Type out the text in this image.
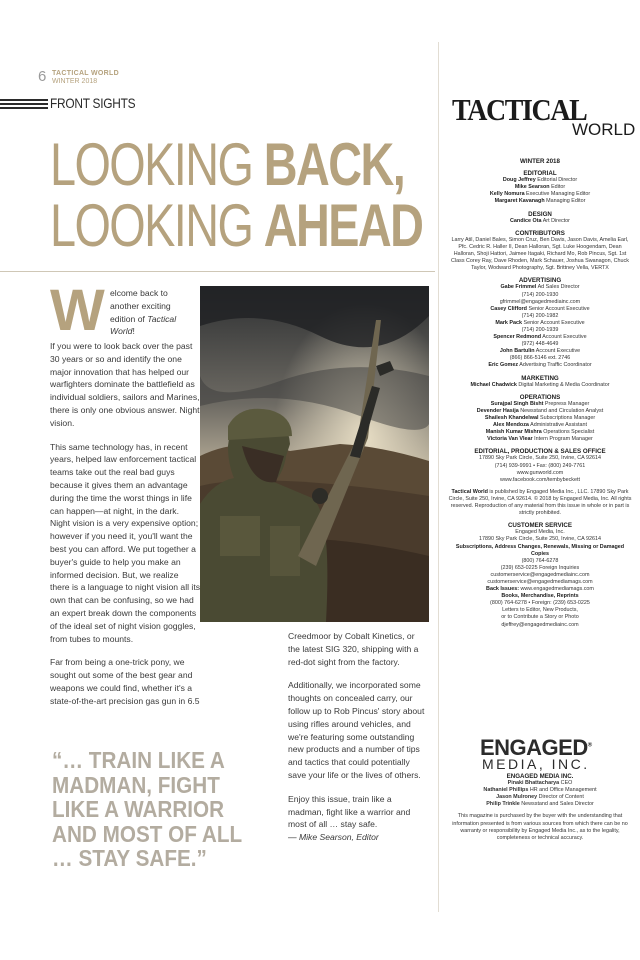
6 TACTICAL WORLD
WINTER 2018
FRONT SIGHTS
LOOKING BACK,
LOOKING AHEAD
W elcome back to another exciting edition of Tactical World!

If you were to look back over the past 30 years or so and identify the one major innovation that has helped our warfighters dominate the battlefield as individual soldiers, sailors and Marines, there is only one obvious answer. Night vision.

This same technology has, in recent years, helped law enforcement tactical teams take out the real bad guys because it gives them an advantage during the time the worst things in life can happen—at night, in the dark. Night vision is a very expensive option; however if you need it, you'll want the best you can afford. We put together a buyer's guide to help you make an informed decision. But, we realize there is a language to night vision all its own that can be confusing, so we had an expert break down the components of the ideal set of night vision goggles, from tubes to mounts.

Far from being a one-trick pony, we sought out some of the best gear and weapons we could find, whether it's a state-of-the-art precision gas gun in 6.5

“… TRAIN LIKE A MADMAN, FIGHT LIKE A WARRIOR AND MOST OF ALL … STAY SAFE.”

Creedmoor by Cobalt Kinetics, or the latest SIG 320, shipping with a red-dot sight from the factory.

Additionally, we incorporated some thoughts on concealed carry, our follow up to Rob Pincus' story about using rifles around vehicles, and we're featuring some outstanding new products and a number of tips and tactics that could potentially save your life or the lives of others.

Enjoy this issue, train like a madman, fight like a warrior and most of all … stay safe.

— Mike Searson, Editor
TACTICAL
WORLD
WINTER 2018
EDITORIAL
Doug Jeffrey Editorial Director
Mike Searson Editor
Kelly Nomura Executive Managing Editor
Margaret Kavanagh Managing Editor
DESIGN
Candice Ota Art Director
CONTRIBUTORS
Larry Atil, Daniel Bales, Simon Cruz, Ben Davis, Jason Davis, Amelia Earl, Pfc. Cedric R. Haller II, Dean Halloran, Sgt. Luke Hoogendam, Dean Halloran, Shoji Hattori, Jaimee Itagaki, Richard Mo, Rob Pincus, Sgt. 1st Class Corey Ray, Dave Rhoden, Mark Schauer, Joshua Swanagon, Chuck Taylor, Wodward Photography, Sgt. Brittney Vella, VERTX
ADVERTISING
Gabe Frimmel Ad Sales Director
(714) 200-1930
gfrimmel@engagedmediainc.com
Casey Clifford Senior Account Executive
(714) 200-1982
Mark Pack Senior Account Executive
(714) 200-1939
Spencer Redmond Account Executive
(972) 448-4649
John Bartulin Account Executive
(866) 866-5146 ext. 2746
Eric Gomez Advertising Traffic Coordinator
MARKETING
Michael Chadwick Digital Marketing & Media Coordinator
OPERATIONS
Surajpal Singh Bisht Prepress Manager
Devender Hasija Newsstand and Circulation Analyst
Shailesh Khandelwal Subscriptions Manager
Alex Mendoza Administrative Assistant
Manish Kumar Mishra Operations Specialist
Victoria Van Vlear Intern Program Manager
EDITORIAL, PRODUCTION & SALES OFFICE
17890 Sky Park Circle, Suite 250, Irvine, CA 92614
(714) 939-9991 • Fax: (800) 249-7761
www.gunworld.com
www.facebook.com/tembybeckett
Tactical World is published by Engaged Media Inc., LLC. 17890 Sky Park Circle, Suite 250, Irvine, CA 92614. © 2018 by Engaged Media, Inc. All rights reserved. Reproduction of any material from this issue in whole or in part is strictly prohibited.
CUSTOMER SERVICE
Engaged Media, Inc.
17890 Sky Park Circle, Suite 250, Irvine, CA 92614
Subscriptions, Address Changes, Renewals, Missing or Damaged Copies
(800) 764-6278
(239) 653-0225 Foreign Inquiries
customerservice@engagedmediainc.com
customerservice@engagedmediamags.com
Back Issues: www.engagedmediamags.com
Books, Merchandise, Reprints
(800) 764-6278 • Foreign: (239) 653-0225
Letters to Editor, New Products,
or to Contribute a Story or Photo
djeffrey@engagedmediainc.com
ENGAGED®
MEDIA, INC.
ENGAGED MEDIA INC.
Pinaki Bhattacharya CEO
Nathaniel Phillips HR and Office Management
Jason Mulroney Director of Content
Philip Trinkle Newsstand and Sales Director
This magazine is purchased by the buyer with the understanding that information presented is from various sources from which there can be no warranty or responsibility by Engaged Media Inc., as to the legality, completeness or technical accuracy.
